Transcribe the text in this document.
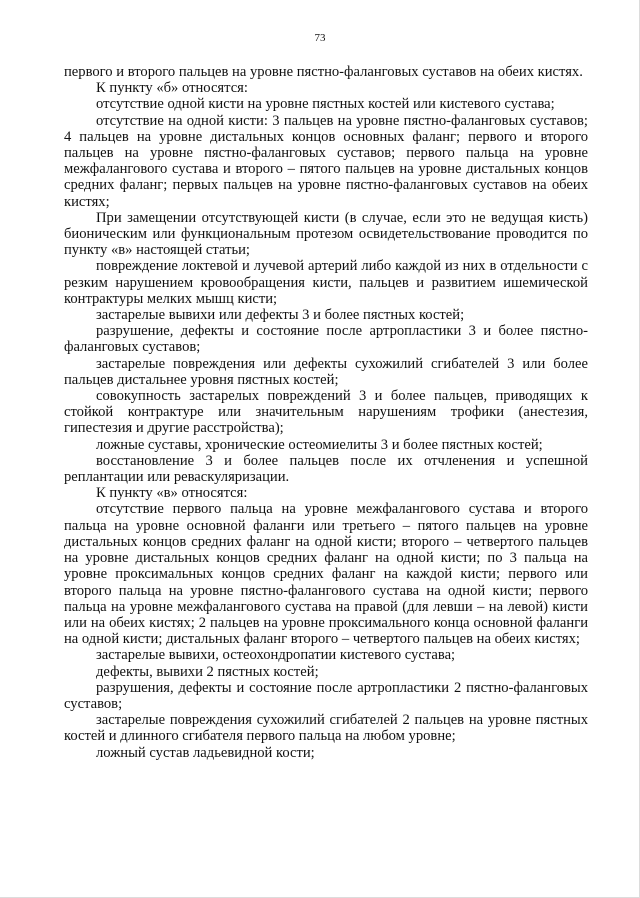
73

первого и второго пальцев на уровне пястно-фаланговых суставов на обеих кистях.

К пункту «б» относятся:

отсутствие одной кисти на уровне пястных костей или кистевого сустава;

отсутствие на одной кисти: 3 пальцев на уровне пястно-фаланговых суставов; 4 пальцев на уровне дистальных концов основных фаланг; первого и второго пальцев на уровне пястно-фаланговых суставов; первого пальца на уровне межфалангового сустава и второго – пятого пальцев на уровне дистальных концов средних фаланг; первых пальцев на уровне пястно-фаланговых суставов на обеих кистях;

При замещении отсутствующей кисти (в случае, если это не ведущая кисть) бионическим или функциональным протезом освидетельствование проводится по пункту «в» настоящей статьи;

повреждение локтевой и лучевой артерий либо каждой из них в отдельности с резким нарушением кровообращения кисти, пальцев и развитием ишемической контрактуры мелких мышц кисти;

застарелые вывихи или дефекты 3 и более пястных костей;

разрушение, дефекты и состояние после артропластики 3 и более пястно-фаланговых суставов;

застарелые повреждения или дефекты сухожилий сгибателей 3 или более пальцев дистальнее уровня пястных костей;

совокупность застарелых повреждений 3 и более пальцев, приводящих к стойкой контрактуре или значительным нарушениям трофики (анестезия, гипестезия и другие расстройства);

ложные суставы, хронические остеомиелиты 3 и более пястных костей;

восстановление 3 и более пальцев после их отчленения и успешной реплантации или реваскуляризации.

К пункту «в» относятся:

отсутствие первого пальца на уровне межфалангового сустава и второго пальца на уровне основной фаланги или третьего – пятого пальцев на уровне дистальных концов средних фаланг на одной кисти; второго – четвертого пальцев на уровне дистальных концов средних фаланг на одной кисти; по 3 пальца на уровне проксимальных концов средних фаланг на каждой кисти; первого или второго пальца на уровне пястно-фалангового сустава на одной кисти; первого пальца на уровне межфалангового сустава на правой (для левши – на левой) кисти или на обеих кистях; 2 пальцев на уровне проксимального конца основной фаланги на одной кисти; дистальных фаланг второго – четвертого пальцев на обеих кистях;

застарелые вывихи, остеохондропатии кистевого сустава;

дефекты, вывихи 2 пястных костей;

разрушения, дефекты и состояние после артропластики 2 пястно-фаланговых суставов;

застарелые повреждения сухожилий сгибателей 2 пальцев на уровне пястных костей и длинного сгибателя первого пальца на любом уровне;

ложный сустав ладьевидной кости;
